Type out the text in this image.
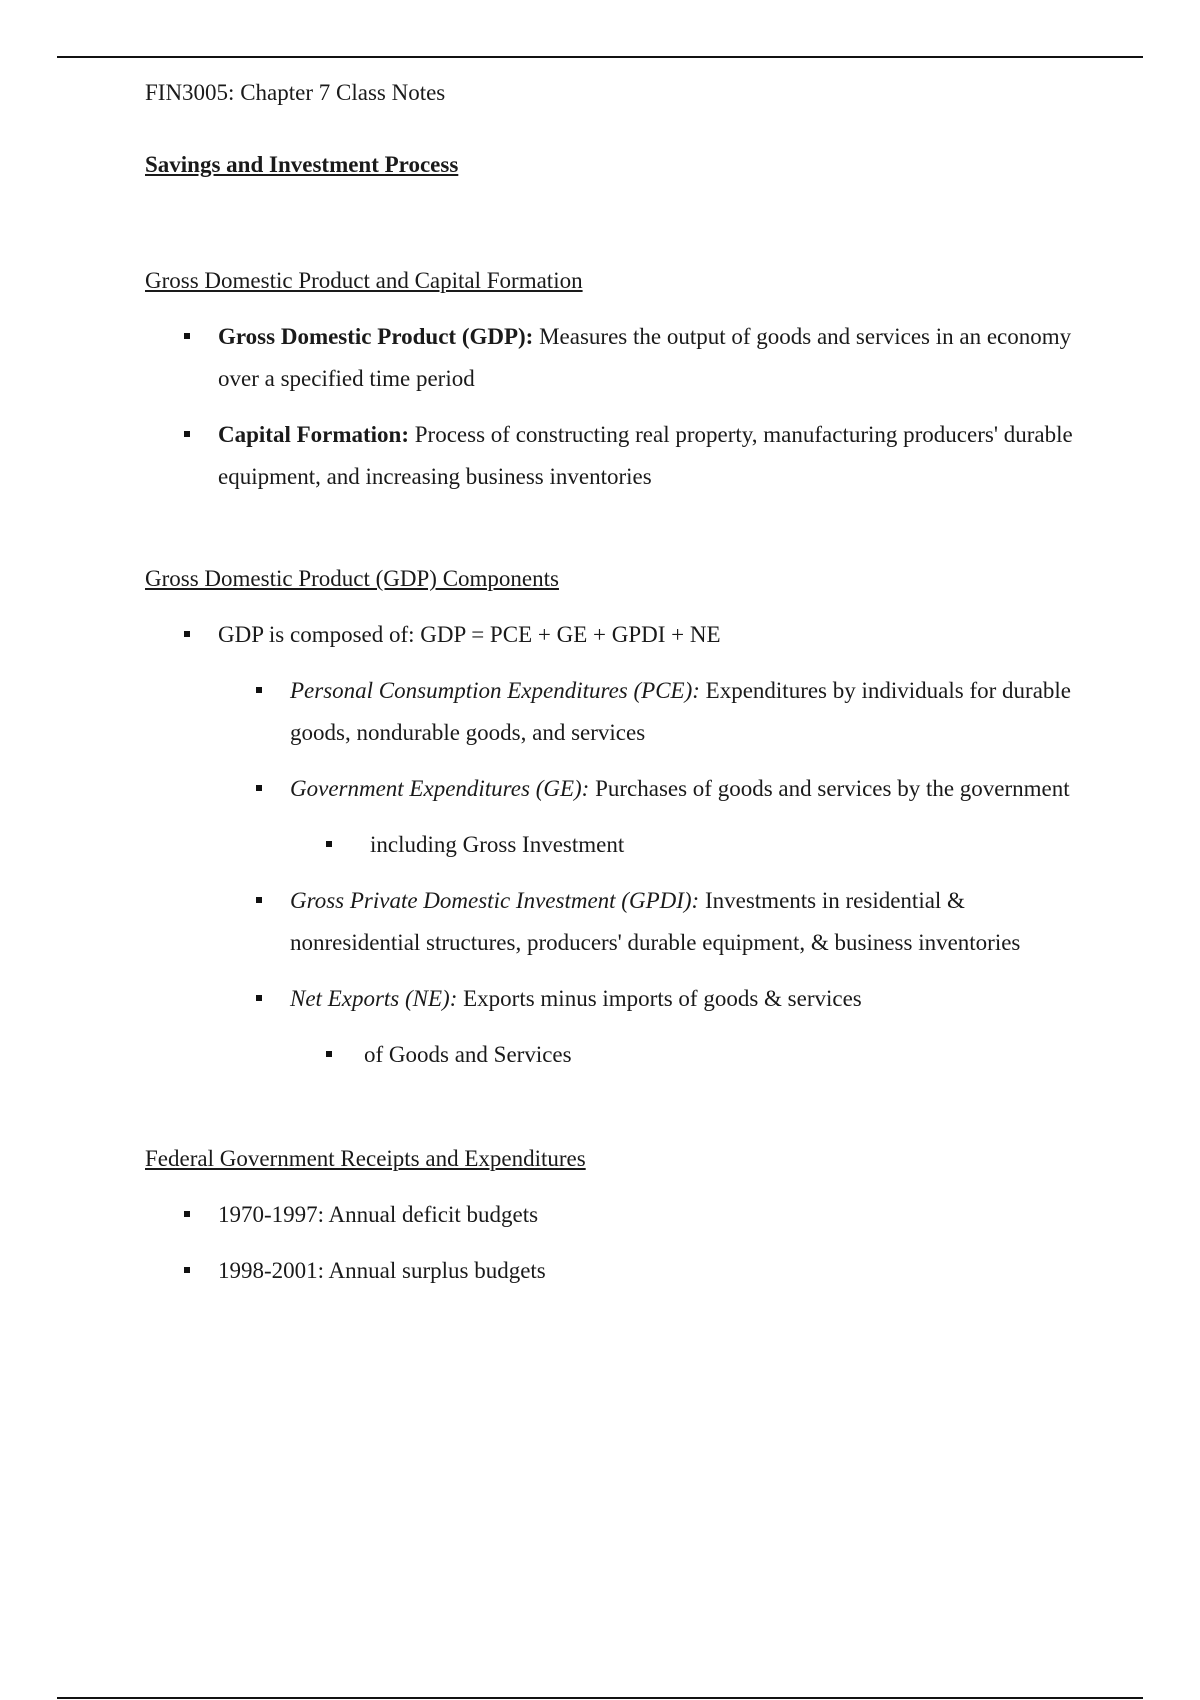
FIN3005: Chapter 7 Class Notes

Savings and Investment Process

Gross Domestic Product and Capital Formation

Gross Domestic Product (GDP): Measures the output of goods and services in an economy over a specified time period
Capital Formation: Process of constructing real property, manufacturing producers' durable equipment, and increasing business inventories

Gross Domestic Product (GDP) Components

GDP is composed of: GDP = PCE + GE + GPDI + NE
Personal Consumption Expenditures (PCE): Expenditures by individuals for durable goods, nondurable goods, and services
Government Expenditures (GE): Purchases of goods and services by the government
including Gross Investment
Gross Private Domestic Investment (GPDI): Investments in residential & nonresidential structures, producers' durable equipment, & business inventories
Net Exports (NE): Exports minus imports of goods & services
of Goods and Services

Federal Government Receipts and Expenditures

1970-1997: Annual deficit budgets
1998-2001: Annual surplus budgets
